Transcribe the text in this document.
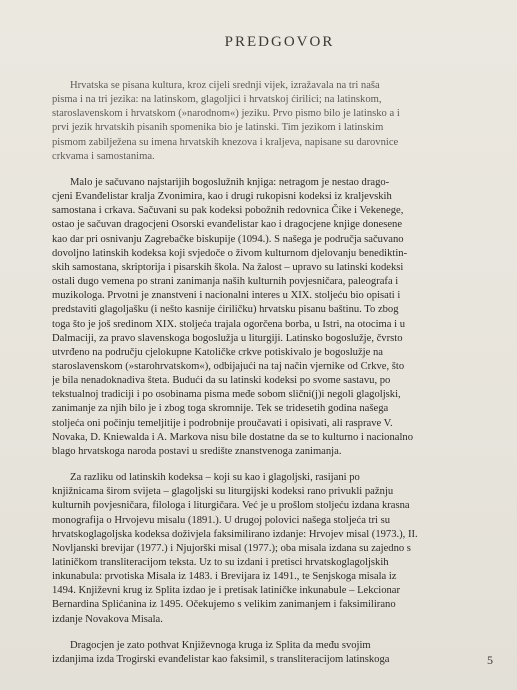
PREDGOVOR
Hrvatska se pisana kultura, kroz cijeli srednji vijek, izražavala na tri naša
pisma i na tri jezika: na latinskom, glagoljici i hrvatskoj ćirilici; na latinskom,
staroslavenskom i hrvatskom (»narodnom«) jeziku. Prvo pismo bilo je latinsko a i
prvi jezik hrvatskih pisanih spomenika bio je latinski. Tim jezikom i latinskim
pismom zabilježena su imena hrvatskih knezova i kraljeva, napisane su darovnice
crkvama i samostanima.
Malo je sačuvano najstarijih bogoslužnih knjiga: netragom je nestao drago-
cjeni Evanđelistar kralja Zvonimira, kao i drugi rukopisni kodeksi iz kraljevskih
samostana i crkava. Sačuvani su pak kodeksi pobožnih redovnica Čike i Vekenege,
ostao je sačuvan dragocjeni Osorski evanđelistar kao i dragocjene knjige donesene
kao dar pri osnivanju Zagrebačke biskupije (1094.). S našega je područja sačuvano
dovoljno latinskih kodeksa koji svjedoče o živom kulturnom djelovanju benediktin-
skih samostana, skriptorija i pisarskih škola. Na žalost – upravo su latinski kodeksi
ostali dugo vemena po strani zanimanja naših kulturnih povjesničara, paleografa i
muzikologa. Prvotni je znanstveni i nacionalni interes u XIX. stoljeću bio opisati i
predstaviti glagoljašku (i nešto kasnije ćiriličku) hrvatsku pisanu baštinu. To zbog
toga što je još sredinom XIX. stoljeća trajala ogorčena borba, u Istri, na otocima i u
Dalmaciji, za pravo slavenskoga bogoslužja u liturgiji. Latinsko bogoslužje, čvrsto
utvrđeno na području cjelokupne Katoličke crkve potiskivalo je bogoslužje na
staroslavenskom (»starohrvatskom«), odbijajući na taj način vjernike od Crkve, što
je bila nenadoknadiva šteta. Budući da su latinski kodeksi po svome sastavu, po
tekstualnoj tradiciji i po osobinama pisma međe sobom slični(j)i negoli glagoljski,
zanimanje za njih bilo je i zbog toga skromnije. Tek se tridesetih godina našega
stoljeća oni počinju temeljitije i podrobnije proučavati i opisivati, ali rasprave V.
Novaka, D. Kniewalda i A. Markova nisu bile dostatne da se to kulturno i nacionalno
blago hrvatskoga naroda postavi u središte znanstvenoga zanimanja.
Za razliku od latinskih kodeksa – koji su kao i glagoljski, rasijani po
knjižnicama širom svijeta – glagoljski su liturgijski kodeksi rano privukli pažnju
kulturnih povjesničara, filologa i liturgičara. Već je u prošlom stoljeću izdana krasna
monografija o Hrvojevu misalu (1891.). U drugoj polovici našega stoljeća tri su
hrvatskoglagoljska kodeksa doživjela faksimilirano izdanje: Hrvojev misal (1973.), II.
Novljanski brevijar (1977.) i Njujorški misal (1977.); oba misala izdana su zajedno s
latiničkom transliteracijom teksta. Uz to su izdani i pretisci hrvatskoglagoljskih
inkunabula: prvotiska Misala iz 1483. i Brevijara iz 1491., te Senjskoga misala iz
1494. Književni krug iz Splita izdao je i pretisak latiničke inkunabule – Lekcionar
Bernardina Splićanina iz 1495. Očekujemo s velikim zanimanjem i faksimilirano
izdanje Novakova Misala.
Dragocjen je zato pothvat Književnoga kruga iz Splita da među svojim
izdanjima izda Trogirski evanđelistar kao faksimil, s transliteracijom latinskoga	5
